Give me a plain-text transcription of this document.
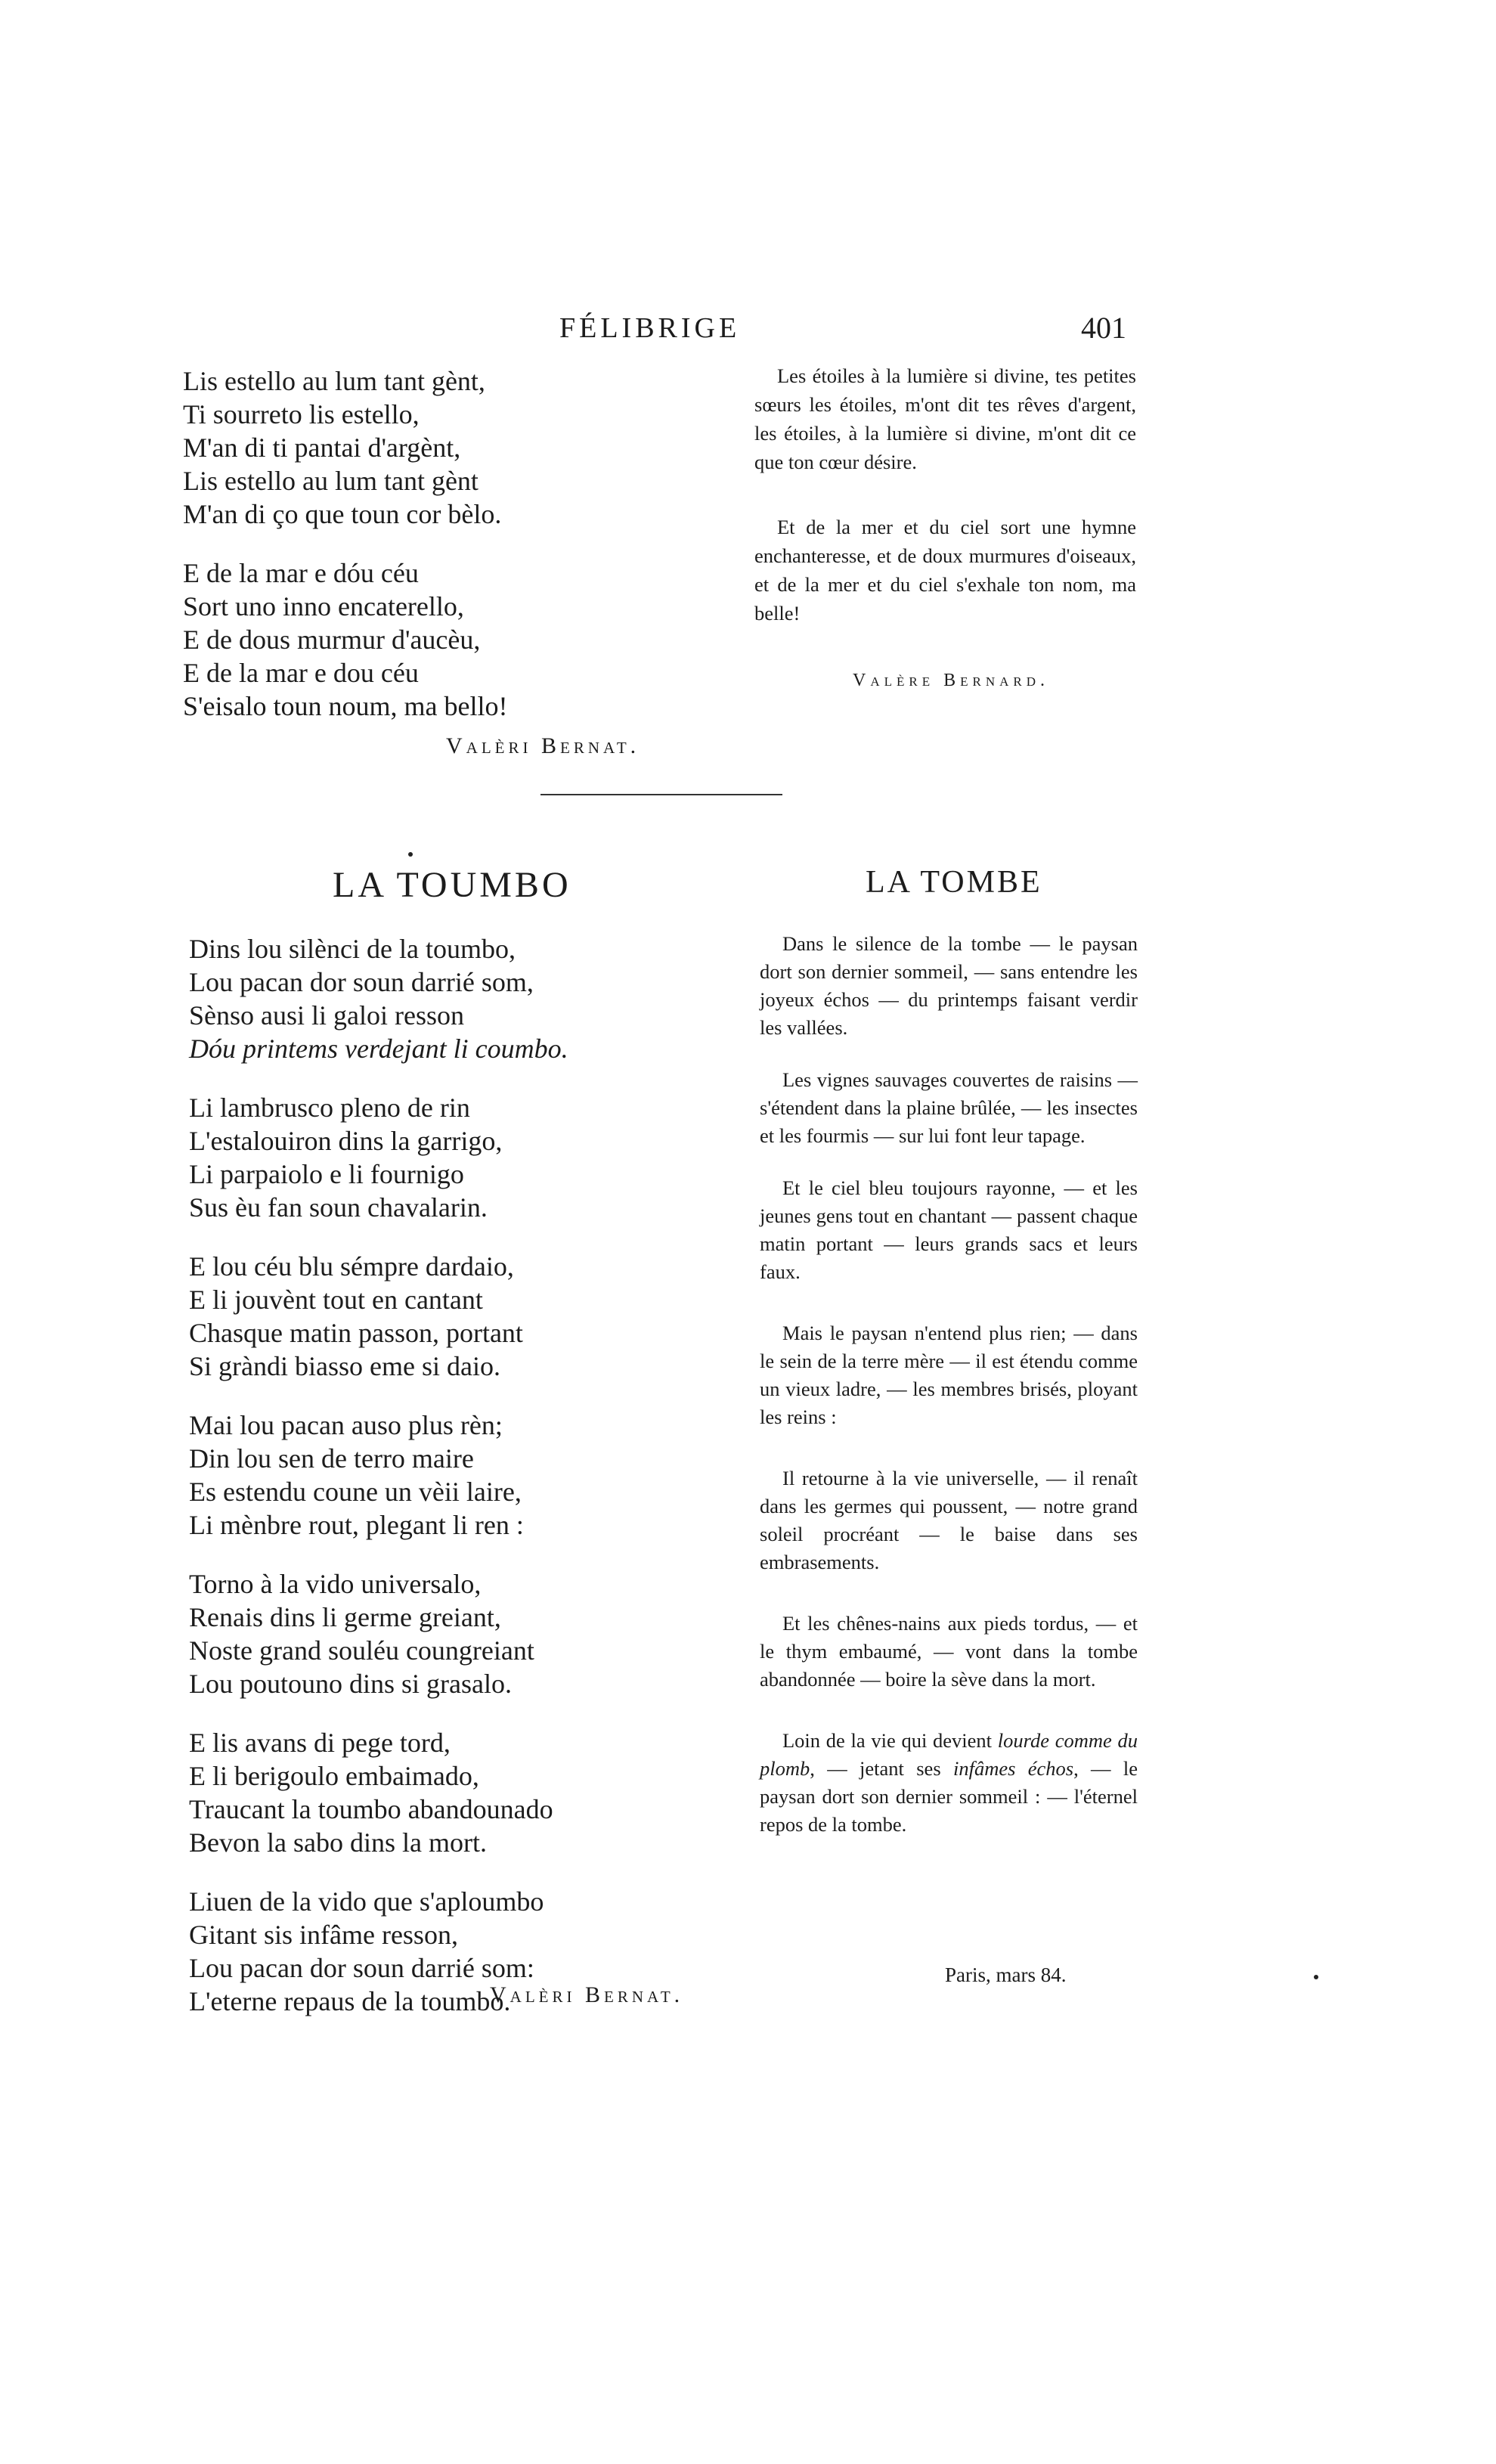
FÉLIBRIGE	401
Lis estello au lum tant gènt,
Ti sourreto lis estello,
M'an di ti pantai d'argènt,
Lis estello au lum tant gènt
M'an di ço que toun cor bèlo.
E de la mar e dóu céu
Sort uno inno encaterello,
E de dous murmur d'aucèu,
E de la mar e dou céu
S'eisalo toun noum, ma bello!
Valèri Bernat.

Les étoiles à la lumière si divine, tes petites sœurs les étoiles, m'ont dit tes rêves d'argent, les étoiles, à la lumière si divine, m'ont dit ce que ton cœur désire.

Et de la mer et du ciel sort une hymne enchanteresse, et de doux murmures d'oiseaux, et de la mer et du ciel s'exhale ton nom, ma belle!

Valère Bernard.
LA TOUMBO	LA TOMBE
Dins lou silènci de la toumbo,
Lou pacan dor soun darrié som,
Sènso ausi li galoi resson
Dóu printems verdejant li coumbo.
Li lambrusco pleno de rin
L'estalouiron dins la garrigo,
Li parpaiolo e li fournigo
Sus èu fan soun chavalarin.
E lou céu blu sémpre dardaio,
E li jouvènt tout en cantant
Chasque matin passon, portant
Si gràndi biasso eme si daio.
Mai lou pacan auso plus rèn;
Din lou sen de terro maire
Es estendu coune un vèii laire,
Li mènbre rout, plegant li ren :
Torno à la vido universalo,
Renais dins li germe greiant,
Noste grand souléu coungreiant
Lou poutouno dins si grasalo.
E lis avans di pege tord,
E li berigoulo embaimado,
Traucant la toumbo abandounado
Bevon la sabo dins la mort.
Liuen de la vido que s'aploumbo
Gitant sis infâme resson,
Lou pacan dor soun darrié som:
L'eterne repaus de la toumbo.
Valèri Bernat.

Dans le silence de la tombe — le paysan dort son dernier sommeil, — sans entendre les joyeux échos — du printemps faisant verdir les vallées.

Les vignes sauvages couvertes de raisins —s'étendent dans la plaine brûlée, — les insectes et les fourmis — sur lui font leur tapage.

Et le ciel bleu toujours rayonne, — et les jeunes gens tout en chantant — passent chaque matin portant — leurs grands sacs et leurs faux.

Mais le paysan n'entend plus rien; — dans le sein de la terre mère — il est étendu comme un vieux ladre, — les membres brisés, ployant les reins :

Il retourne à la vie universelle, — il renaît dans les germes qui poussent, — notre grand soleil procréant — le baise dans ses embrasements.

Et les chênes-nains aux pieds tordus, — et le thym embaumé, — vont dans la tombe abandonnée — boire la sève dans la mort.

Loin de la vie qui devient lourde comme du plomb, — jetant ses infâmes échos, — le paysan dort son dernier sommeil : — l'éternel repos de la tombe.

Paris, mars 84.
